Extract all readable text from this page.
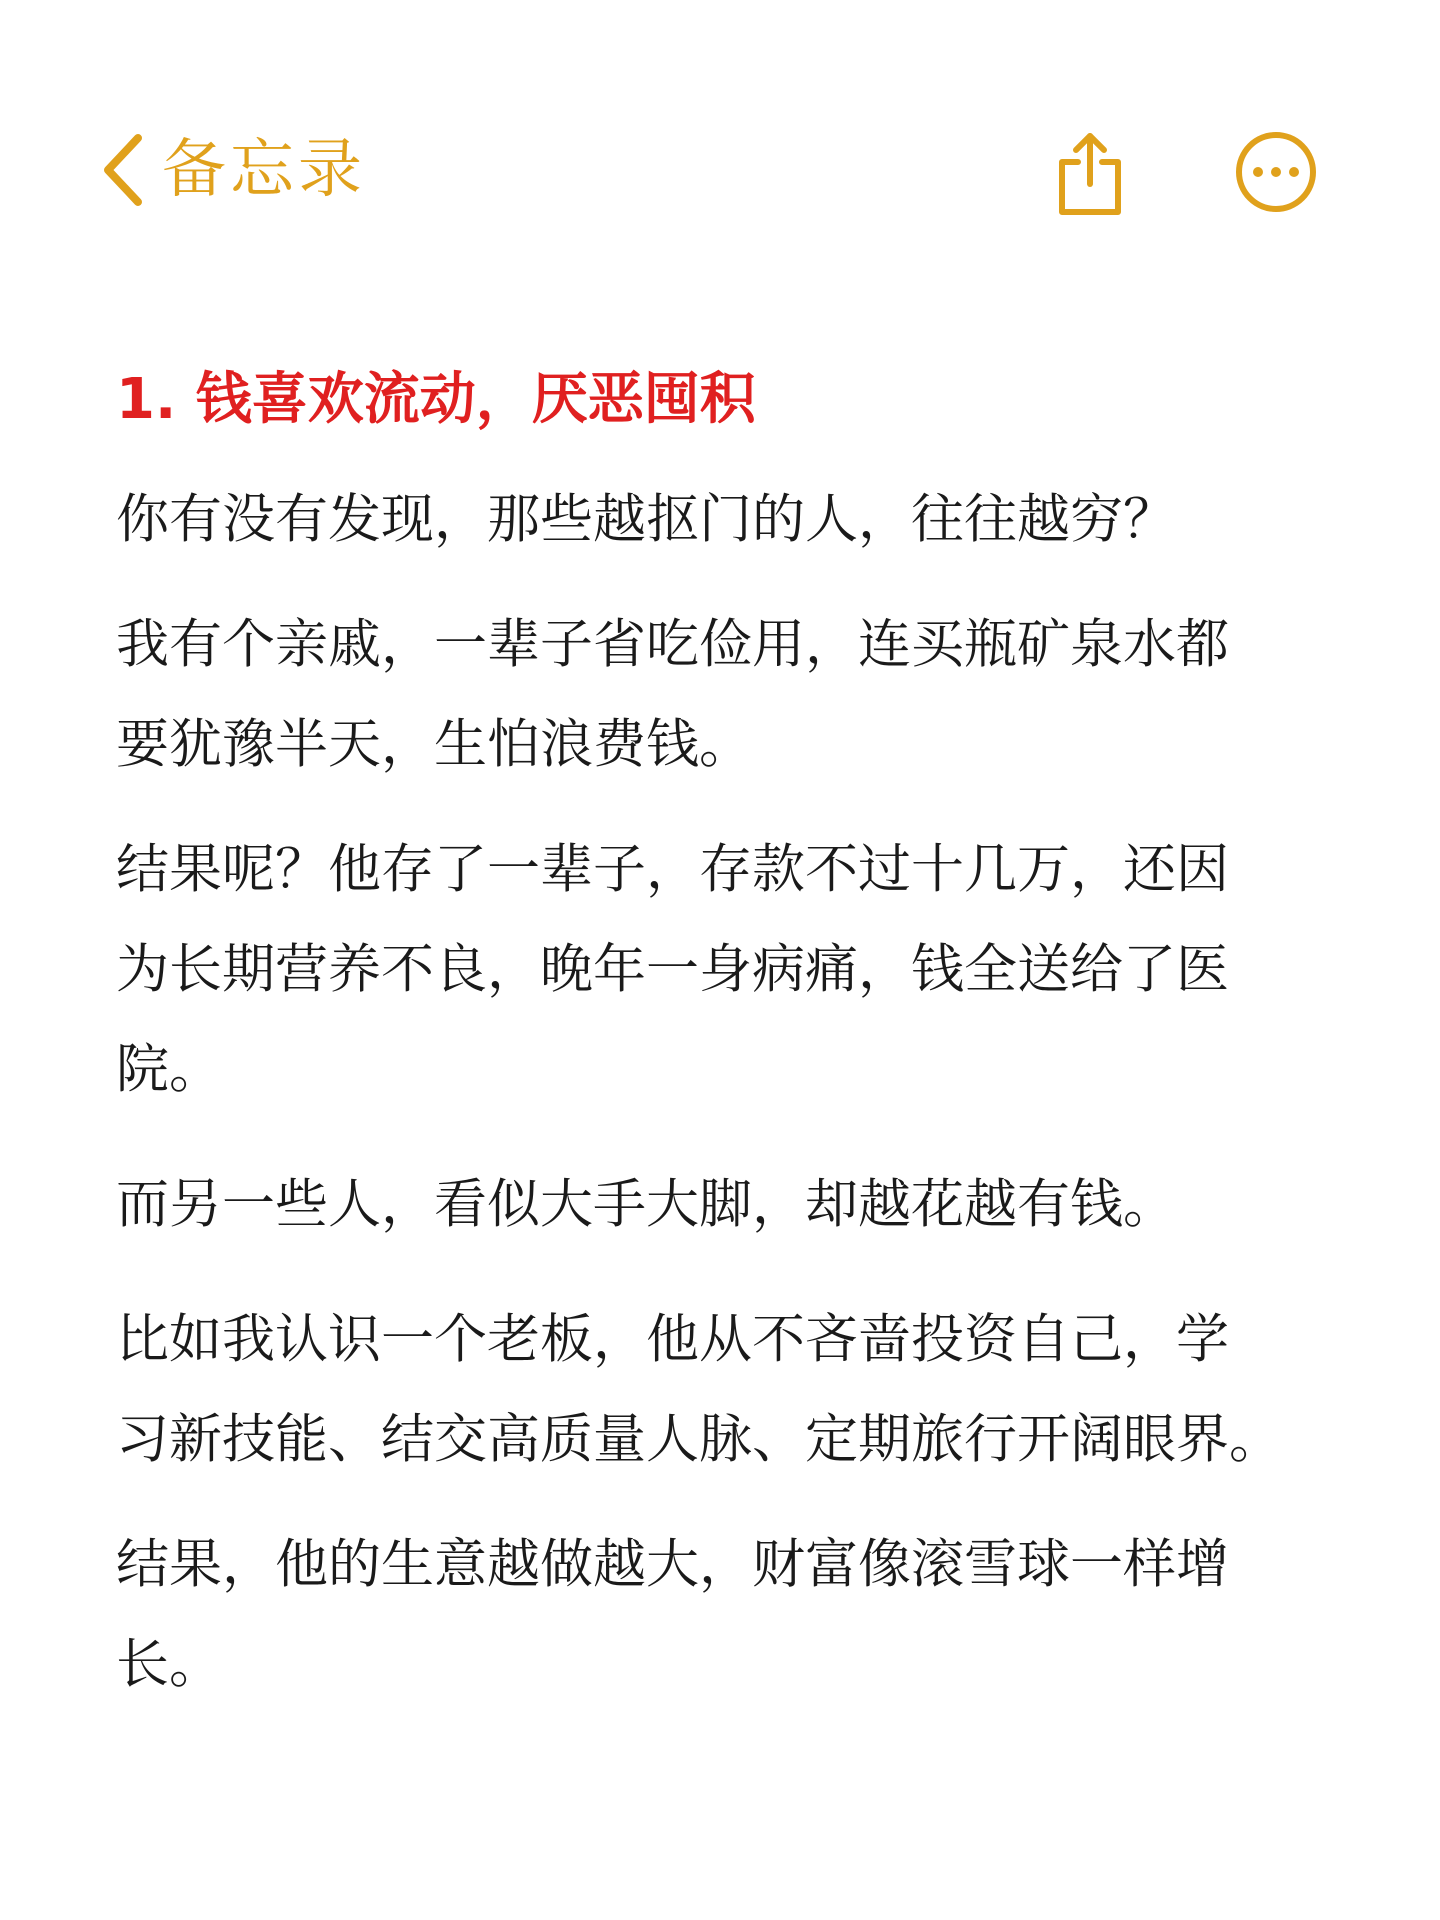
备忘录
1. 钱喜欢流动，厌恶囤积
你有没有发现，那些越抠门的人，往往越穷？
我有个亲戚，一辈子省吃俭用，连买瓶矿泉水都
要犹豫半天，生怕浪费钱。
结果呢？他存了一辈子，存款不过十几万，还因
为长期营养不良，晚年一身病痛，钱全送给了医
院。
而另一些人，看似大手大脚，却越花越有钱。
比如我认识一个老板，他从不吝啬投资自己，学
习新技能、结交高质量人脉、定期旅行开阔眼界。
结果，他的生意越做越大，财富像滚雪球一样增
长。
